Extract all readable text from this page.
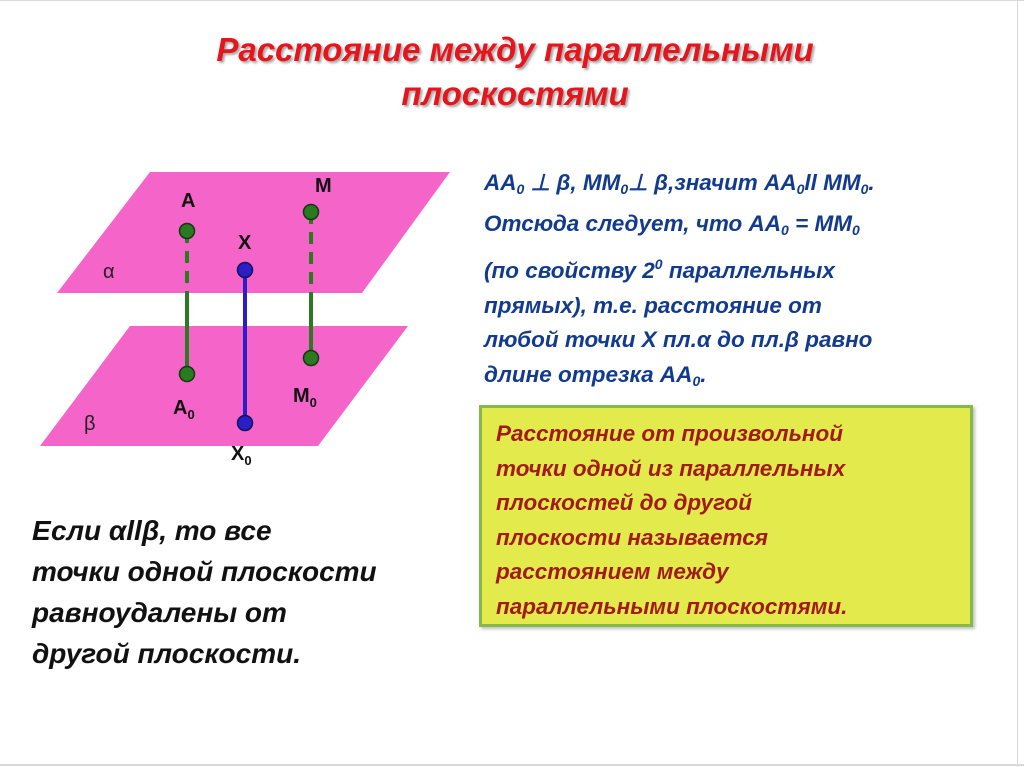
Расстояние между параллельными плоскостями
α
β
A
X
M
$A_0$
$M_0$
$X_0$
$АА_0$ ⊥ β, $ММ_0\perp$ β,значит $АА_0ll$ $ММ_0$.
Отсюда следует, что $АА_0 = ММ_0$
(по свойству $2^0$ параллельных
прямых), т.е. расстояние от
любой точки Х пл.α до пл.β равно
длине отрезка $АА_0$.
Расстояние от произвольной
точки одной из параллельных
плоскостей до другой
плоскости называется
расстоянием между
параллельными плоскостями.
Если αllβ, то все
точки одной плоскости
равноудалены от
другой плоскости.
